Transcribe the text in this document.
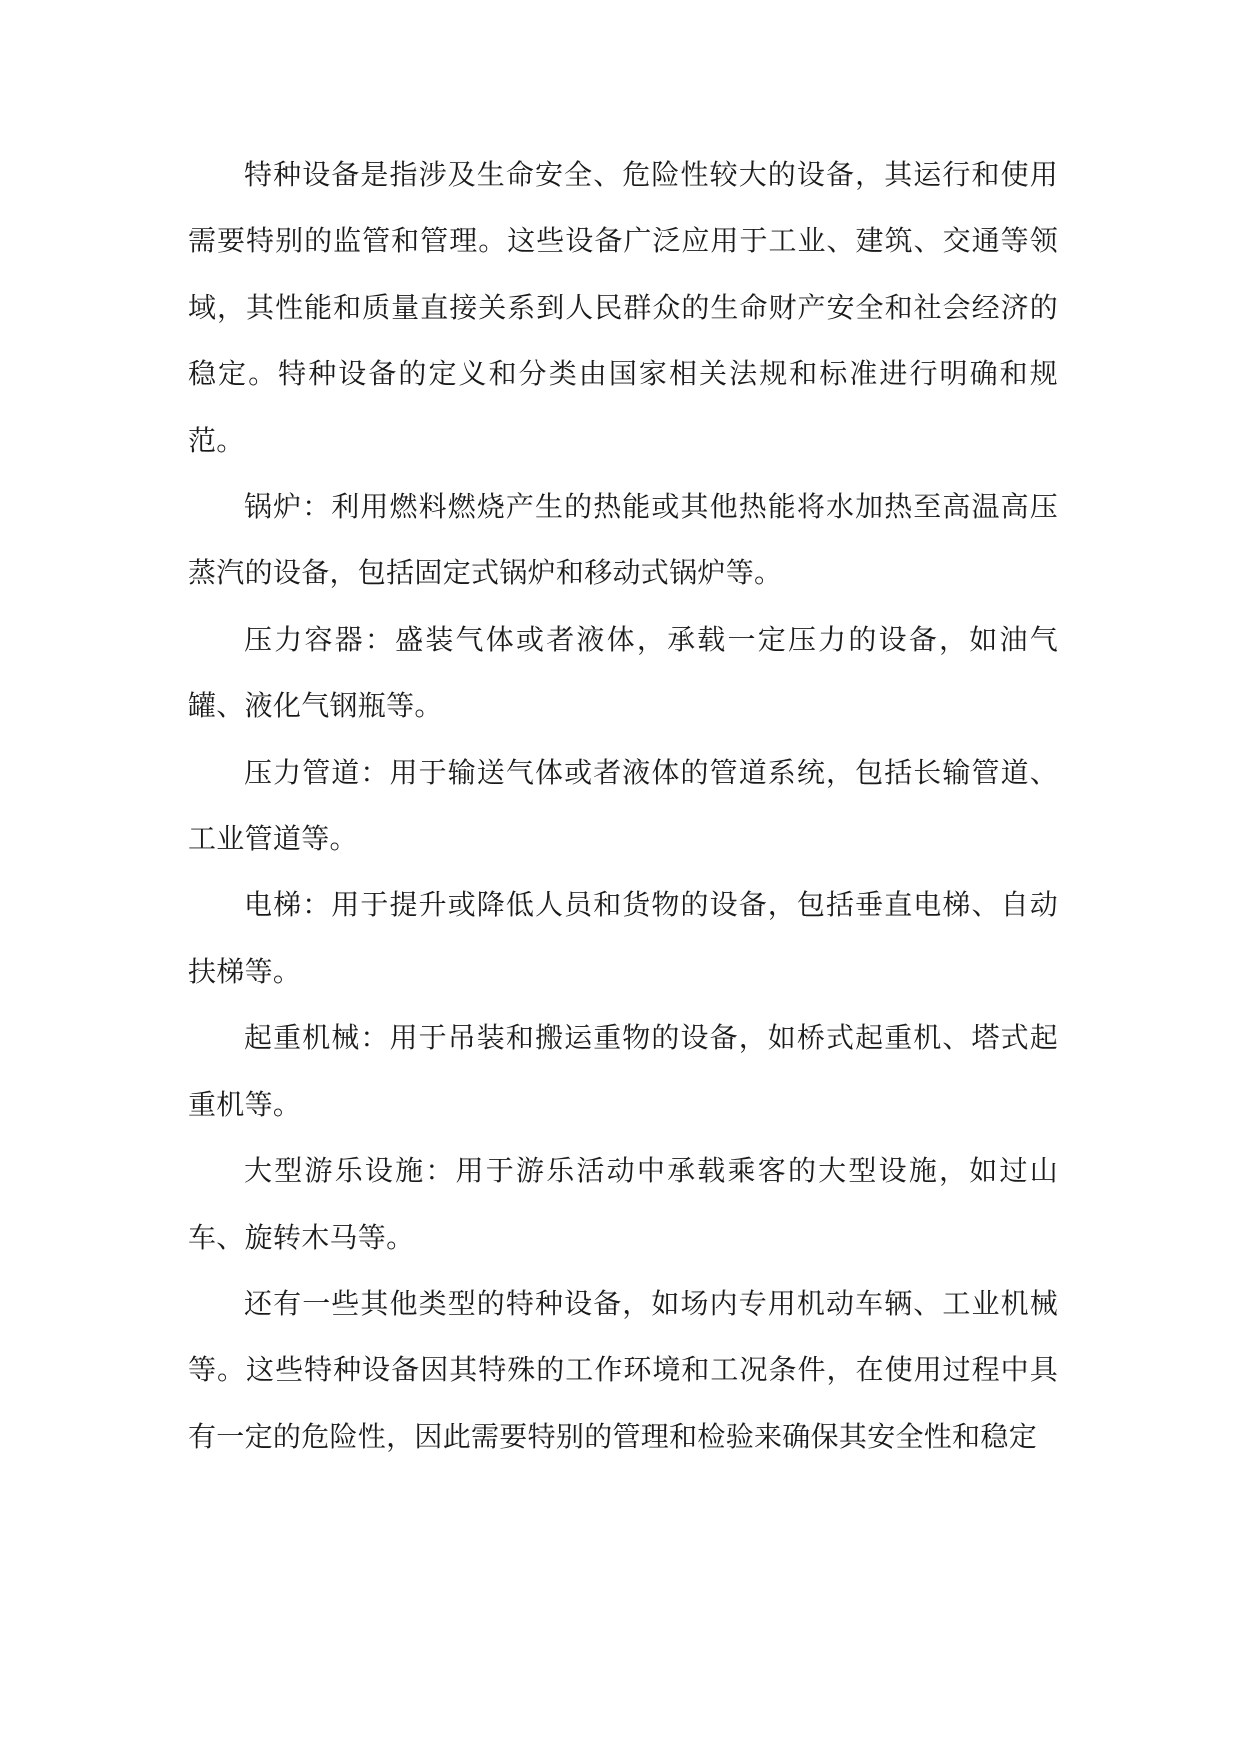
特种设备是指涉及生命安全、危险性较大的设备，其运行和使用需要特别的监管和管理。这些设备广泛应用于工业、建筑、交通等领域，其性能和质量直接关系到人民群众的生命财产安全和社会经济的稳定。特种设备的定义和分类由国家相关法规和标准进行明确和规范。

锅炉：利用燃料燃烧产生的热能或其他热能将水加热至高温高压蒸汽的设备，包括固定式锅炉和移动式锅炉等。

压力容器：盛装气体或者液体，承载一定压力的设备，如油气罐、液化气钢瓶等。

压力管道：用于输送气体或者液体的管道系统，包括长输管道、工业管道等。

电梯：用于提升或降低人员和货物的设备，包括垂直电梯、自动扶梯等。

起重机械：用于吊装和搬运重物的设备，如桥式起重机、塔式起重机等。

大型游乐设施：用于游乐活动中承载乘客的大型设施，如过山车、旋转木马等。

还有一些其他类型的特种设备，如场内专用机动车辆、工业机械等。这些特种设备因其特殊的工作环境和工况条件，在使用过程中具有一定的危险性，因此需要特别的管理和检验来确保其安全性和稳定
